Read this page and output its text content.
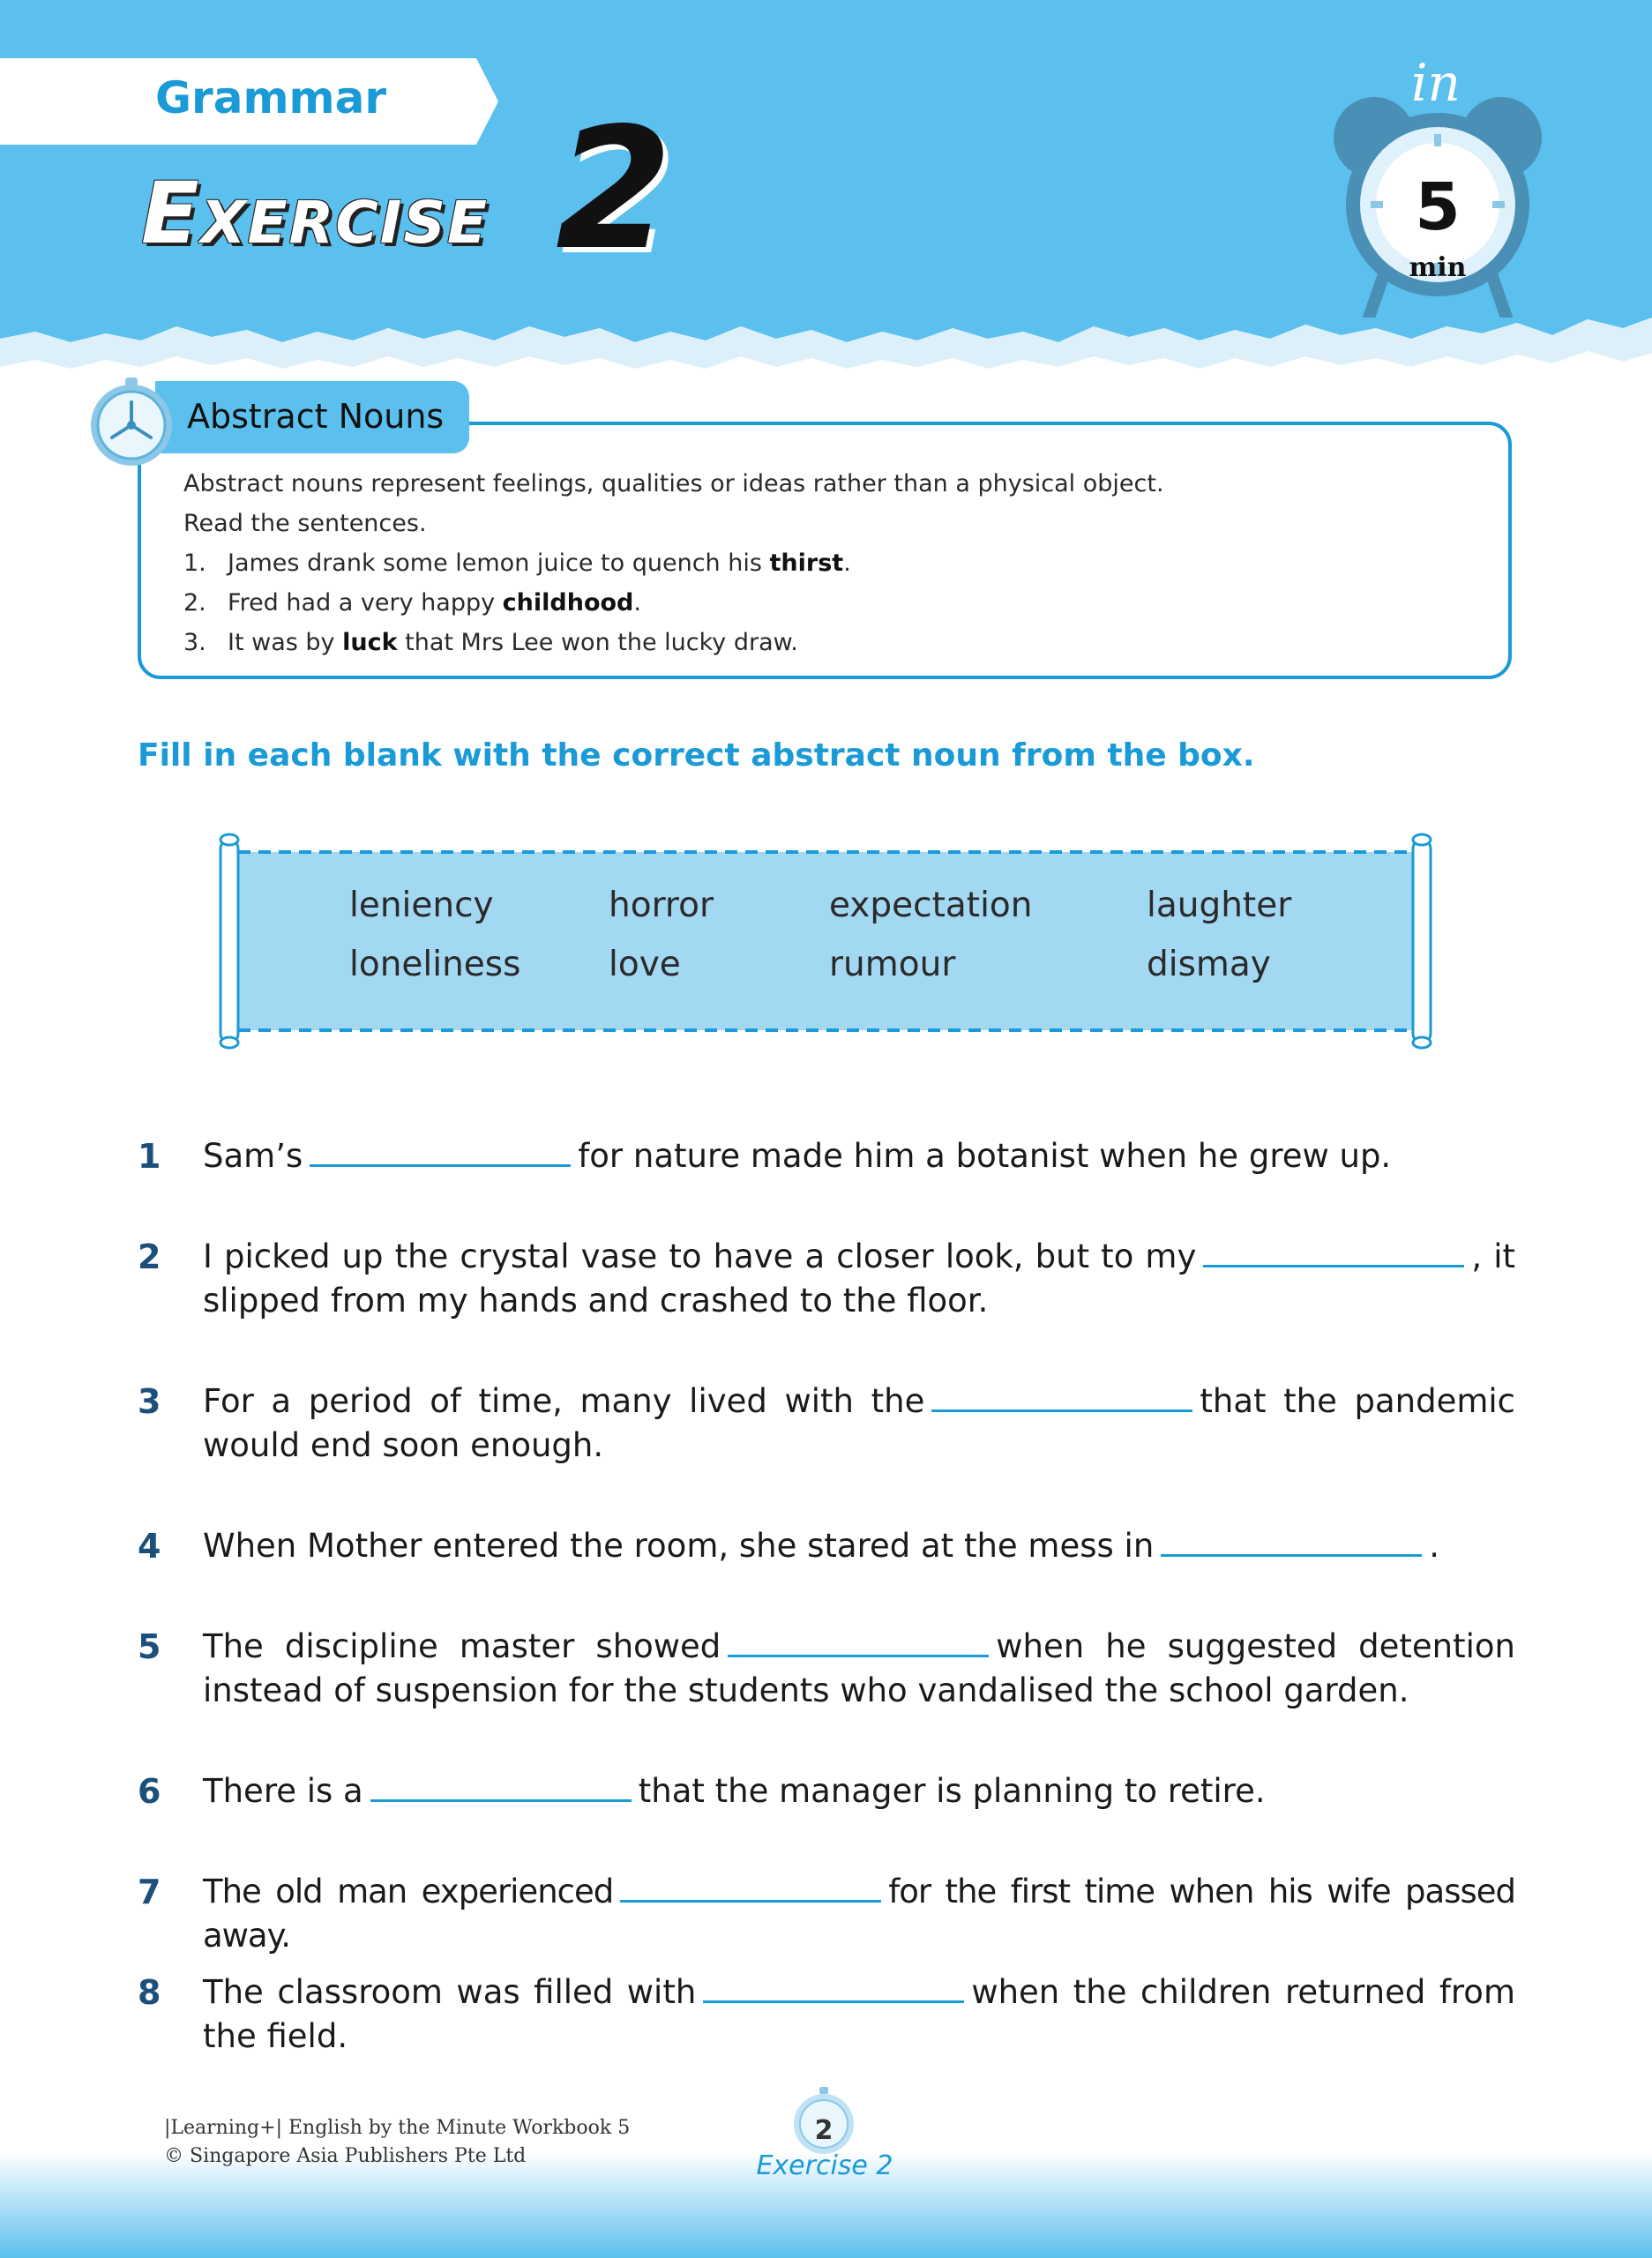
Grammar
EXERCISE 2
in
5
min
Abstract Nouns
Abstract nouns represent feelings, qualities or ideas rather than a physical object.
Read the sentences.
1. James drank some lemon juice to quench his thirst.
2. Fred had a very happy childhood.
3. It was by luck that Mrs Lee won the lucky draw.
Fill in each blank with the correct abstract noun from the box.
leniency	horror	expectation	laughter
loneliness	love	rumour	dismay
1	Sam’s	for nature made him a botanist when he grew up.
2	I picked up the crystal vase to have a closer look, but to my	, it slipped from my hands and crashed to the floor.
3	For a period of time, many lived with the	that the pandemic would end soon enough.
4	When Mother entered the room, she stared at the mess in	.
5	The discipline master showed	when he suggested detention instead of suspension for the students who vandalised the school garden.
6	There is a	that the manager is planning to retire.
7	The old man experienced	for the first time when his wife passed away.
8	The classroom was filled with	when the children returned from the field.
|Learning+| English by the Minute Workbook 5
© Singapore Asia Publishers Pte Ltd
2
Exercise 2
